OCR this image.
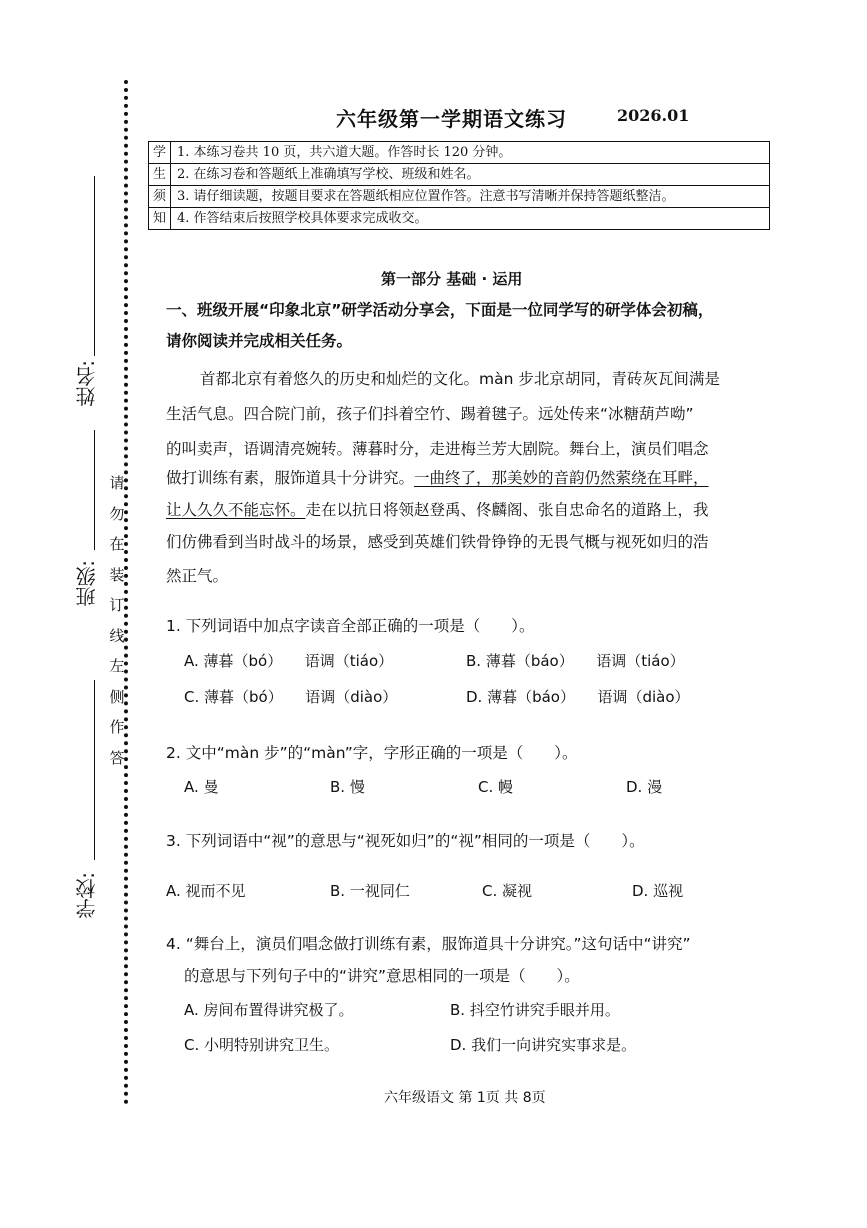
姓名:
班级:
学校:
请
勿
在
装
订
线
左
侧
作
答
六年级第一学期语文练习	2026.01
学	1. 本练习卷共 10 页，共六道大题。作答时长 120 分钟。
生	2. 在练习卷和答题纸上准确填写学校、班级和姓名。
须	3. 请仔细读题，按题目要求在答题纸相应位置作答。注意书写清晰并保持答题纸整洁。
知	4. 作答结束后按照学校具体要求完成收交。
第一部分 基础 · 运用
一、班级开展“印象北京”研学活动分享会，下面是一位同学写的研学体会初稿，
请你阅读并完成相关任务。
首都北京有着悠久的历史和灿烂的文化。màn 步北京胡同，青砖灰瓦间满是
生活气息。四合院门前，孩子们抖着空竹、踢着毽子。远处传来“冰糖葫芦呦”
的叫卖声，语调清亮婉转。薄暮时分，走进梅兰芳大剧院。舞台上，演员们唱念
做打训练有素，服饰道具十分讲究。一曲终了，那美妙的音韵仍然萦绕在耳畔，
让人久久不能忘怀。走在以抗日将领赵登禹、佟麟阁、张自忠命名的道路上，我
们仿佛看到当时战斗的场景，感受到英雄们铁骨铮铮的无畏气概与视死如归的浩
然正气。
1. 下列词语中加点字读音全部正确的一项是（　　）。
A. 薄暮（bó）　　语调（tiáo）	B. 薄暮（báo）　　语调（tiáo）
C. 薄暮（bó）　　语调（diào）	D. 薄暮（báo）　　语调（diào）
2. 文中“màn 步”的“màn”字，字形正确的一项是（　　）。
A. 曼	B. 慢	C. 幔	D. 漫
3. 下列词语中“视”的意思与“视死如归”的“视”相同的一项是（　　）。
A. 视而不见	B. 一视同仁	C. 凝视	D. 巡视
4. “舞台上，演员们唱念做打训练有素，服饰道具十分讲究。”这句话中“讲究”
的意思与下列句子中的“讲究”意思相同的一项是（　　）。
A. 房间布置得讲究极了。	B. 抖空竹讲究手眼并用。
C. 小明特别讲究卫生。	D. 我们一向讲究实事求是。
六年级语文 第 1页 共 8页
